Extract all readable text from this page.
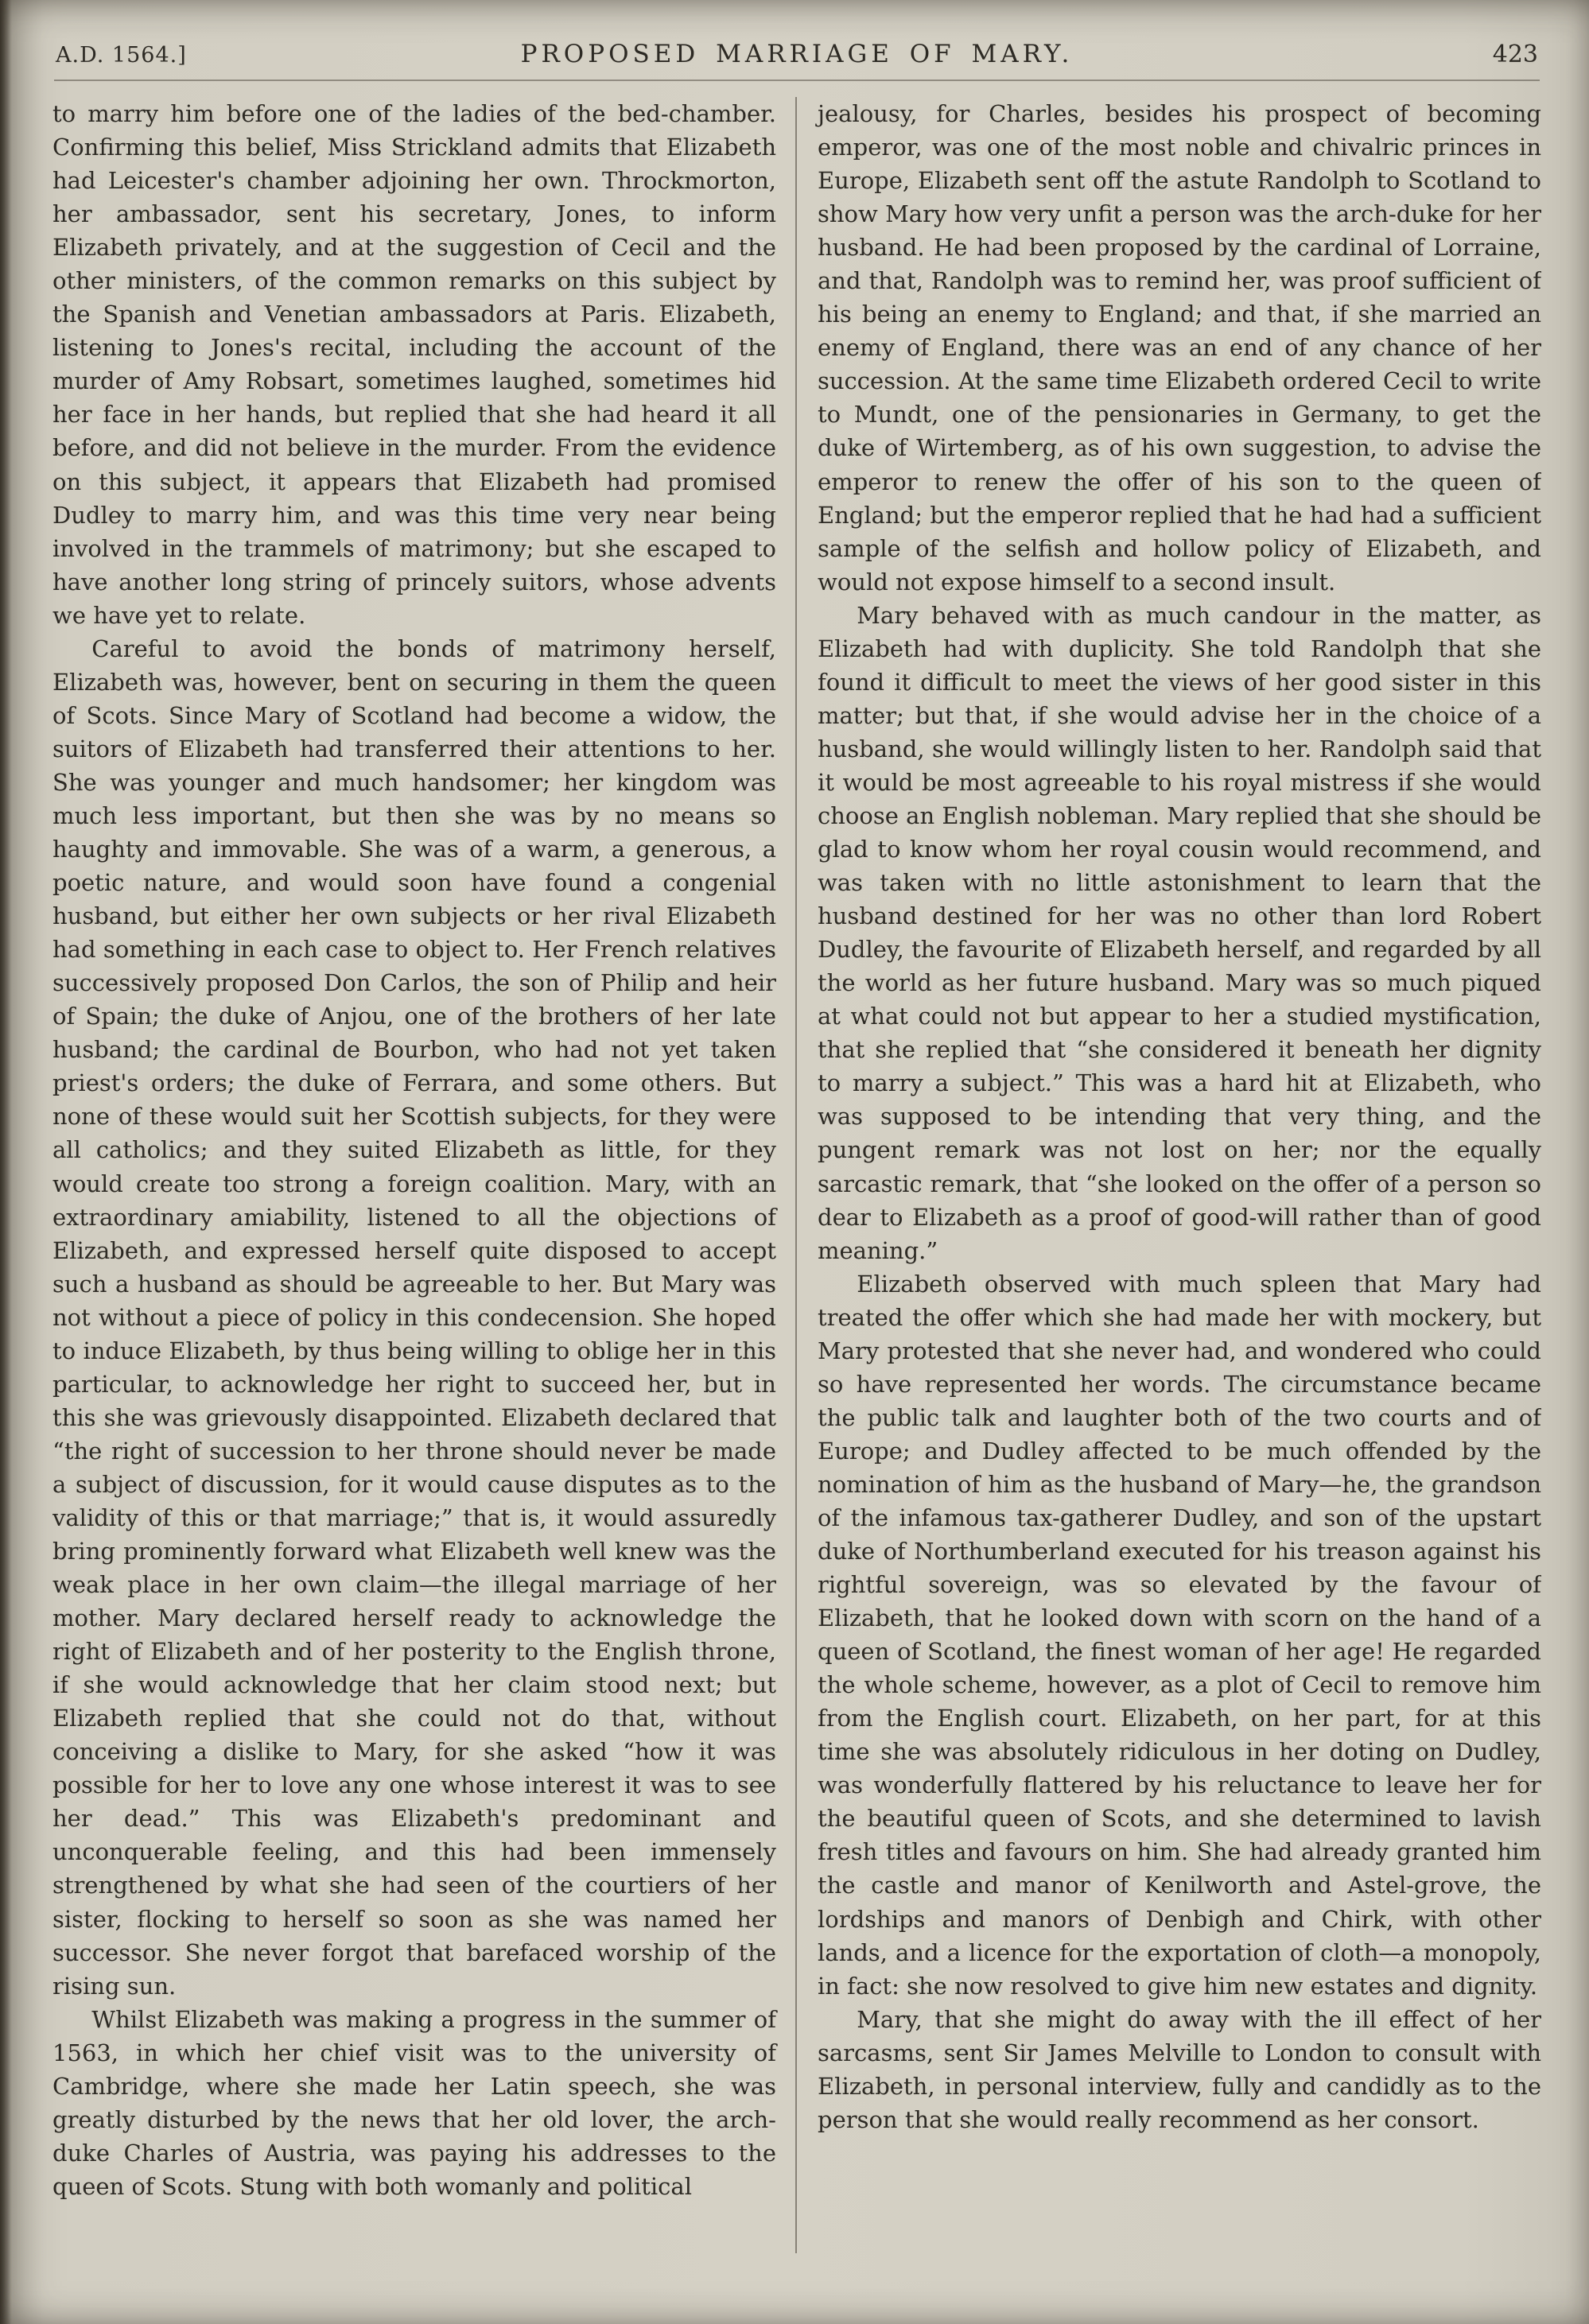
A.D. 1564.]	PROPOSED MARRIAGE OF MARY.	423

to marry him before one of the ladies of the bed-chamber. Confirming this belief, Miss Strickland admits that Elizabeth had Leicester's chamber adjoining her own. Throckmorton, her ambassador, sent his secretary, Jones, to inform Elizabeth privately, and at the suggestion of Cecil and the other ministers, of the common remarks on this subject by the Spanish and Venetian ambassadors at Paris. Elizabeth, listening to Jones's recital, including the account of the murder of Amy Robsart, sometimes laughed, sometimes hid her face in her hands, but replied that she had heard it all before, and did not believe in the murder. From the evidence on this subject, it appears that Elizabeth had promised Dudley to marry him, and was this time very near being involved in the trammels of matrimony; but she escaped to have another long string of princely suitors, whose advents we have yet to relate.

Careful to avoid the bonds of matrimony herself, Elizabeth was, however, bent on securing in them the queen of Scots. Since Mary of Scotland had become a widow, the suitors of Elizabeth had transferred their attentions to her. She was younger and much handsomer; her kingdom was much less important, but then she was by no means so haughty and immovable. She was of a warm, a generous, a poetic nature, and would soon have found a congenial husband, but either her own subjects or her rival Elizabeth had something in each case to object to. Her French relatives successively proposed Don Carlos, the son of Philip and heir of Spain; the duke of Anjou, one of the brothers of her late husband; the cardinal de Bourbon, who had not yet taken priest's orders; the duke of Ferrara, and some others. But none of these would suit her Scottish subjects, for they were all catholics; and they suited Elizabeth as little, for they would create too strong a foreign coalition. Mary, with an extraordinary amiability, listened to all the objections of Elizabeth, and expressed herself quite disposed to accept such a husband as should be agreeable to her. But Mary was not without a piece of policy in this condecension. She hoped to induce Elizabeth, by thus being willing to oblige her in this particular, to acknowledge her right to succeed her, but in this she was grievously disappointed. Elizabeth declared that “the right of succession to her throne should never be made a subject of discussion, for it would cause disputes as to the validity of this or that marriage;” that is, it would assuredly bring prominently forward what Elizabeth well knew was the weak place in her own claim—the illegal marriage of her mother. Mary declared herself ready to acknowledge the right of Elizabeth and of her posterity to the English throne, if she would acknowledge that her claim stood next; but Elizabeth replied that she could not do that, without conceiving a dislike to Mary, for she asked “how it was possible for her to love any one whose interest it was to see her dead.” This was Elizabeth's predominant and unconquerable feeling, and this had been immensely strengthened by what she had seen of the courtiers of her sister, flocking to herself so soon as she was named her successor. She never forgot that barefaced worship of the rising sun.

Whilst Elizabeth was making a progress in the summer of 1563, in which her chief visit was to the university of Cambridge, where she made her Latin speech, she was greatly disturbed by the news that her old lover, the arch-duke Charles of Austria, was paying his addresses to the queen of Scots. Stung with both womanly and political

jealousy, for Charles, besides his prospect of becoming emperor, was one of the most noble and chivalric princes in Europe, Elizabeth sent off the astute Randolph to Scotland to show Mary how very unfit a person was the arch-duke for her husband. He had been proposed by the cardinal of Lorraine, and that, Randolph was to remind her, was proof sufficient of his being an enemy to England; and that, if she married an enemy of England, there was an end of any chance of her succession. At the same time Elizabeth ordered Cecil to write to Mundt, one of the pensionaries in Germany, to get the duke of Wirtemberg, as of his own suggestion, to advise the emperor to renew the offer of his son to the queen of England; but the emperor replied that he had had a sufficient sample of the selfish and hollow policy of Elizabeth, and would not expose himself to a second insult.

Mary behaved with as much candour in the matter, as Elizabeth had with duplicity. She told Randolph that she found it difficult to meet the views of her good sister in this matter; but that, if she would advise her in the choice of a husband, she would willingly listen to her. Randolph said that it would be most agreeable to his royal mistress if she would choose an English nobleman. Mary replied that she should be glad to know whom her royal cousin would recommend, and was taken with no little astonishment to learn that the husband destined for her was no other than lord Robert Dudley, the favourite of Elizabeth herself, and regarded by all the world as her future husband. Mary was so much piqued at what could not but appear to her a studied mystification, that she replied that “she considered it beneath her dignity to marry a subject.” This was a hard hit at Elizabeth, who was supposed to be intending that very thing, and the pungent remark was not lost on her; nor the equally sarcastic remark, that “she looked on the offer of a person so dear to Elizabeth as a proof of good-will rather than of good meaning.”

Elizabeth observed with much spleen that Mary had treated the offer which she had made her with mockery, but Mary protested that she never had, and wondered who could so have represented her words. The circumstance became the public talk and laughter both of the two courts and of Europe; and Dudley affected to be much offended by the nomination of him as the husband of Mary—he, the grandson of the infamous tax-gatherer Dudley, and son of the upstart duke of Northumberland executed for his treason against his rightful sovereign, was so elevated by the favour of Elizabeth, that he looked down with scorn on the hand of a queen of Scotland, the finest woman of her age! He regarded the whole scheme, however, as a plot of Cecil to remove him from the English court. Elizabeth, on her part, for at this time she was absolutely ridiculous in her doting on Dudley, was wonderfully flattered by his reluctance to leave her for the beautiful queen of Scots, and she determined to lavish fresh titles and favours on him. She had already granted him the castle and manor of Kenilworth and Astel-grove, the lordships and manors of Denbigh and Chirk, with other lands, and a licence for the exportation of cloth—a monopoly, in fact: she now resolved to give him new estates and dignity.

Mary, that she might do away with the ill effect of her sarcasms, sent Sir James Melville to London to consult with Elizabeth, in personal interview, fully and candidly as to the person that she would really recommend as her consort.
